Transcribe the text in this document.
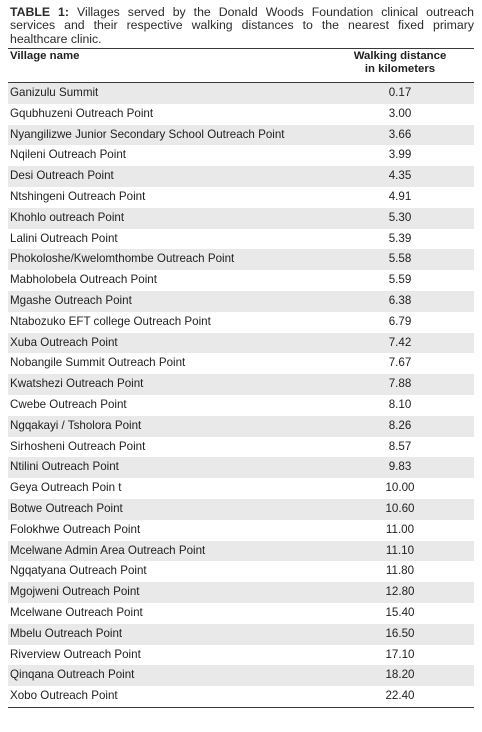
TABLE 1: Villages served by the Donald Woods Foundation clinical outreach services and their respective walking distances to the nearest fixed primary healthcare clinic.

Village name	Walking distance
in kilometers
Ganizulu Summit	0.17
Gqubhuzeni Outreach Point	3.00
Nyangilizwe Junior Secondary School Outreach Point	3.66
Nqileni Outreach Point	3.99
Desi Outreach Point	4.35
Ntshingeni Outreach Point	4.91
Khohlo outreach Point	5.30
Lalini Outreach Point	5.39
Phokoloshe/Kwelomthombe Outreach Point	5.58
Mabholobela Outreach Point	5.59
Mgashe Outreach Point	6.38
Ntabozuko EFT college Outreach Point	6.79
Xuba Outreach Point	7.42
Nobangile Summit Outreach Point	7.67
Kwatshezi Outreach Point	7.88
Cwebe Outreach Point	8.10
Ngqakayi / Tsholora Point	8.26
Sirhosheni Outreach Point	8.57
Ntilini Outreach Point	9.83
Geya Outreach Poin t	10.00
Botwe Outreach Point	10.60
Folokhwe Outreach Point	11.00
Mcelwane Admin Area Outreach Point	11.10
Ngqatyana Outreach Point	11.80
Mgojweni Outreach Point	12.80
Mcelwane Outreach Point	15.40
Mbelu Outreach Point	16.50
Riverview Outreach Point	17.10
Qinqana Outreach Point	18.20
Xobo Outreach Point	22.40
